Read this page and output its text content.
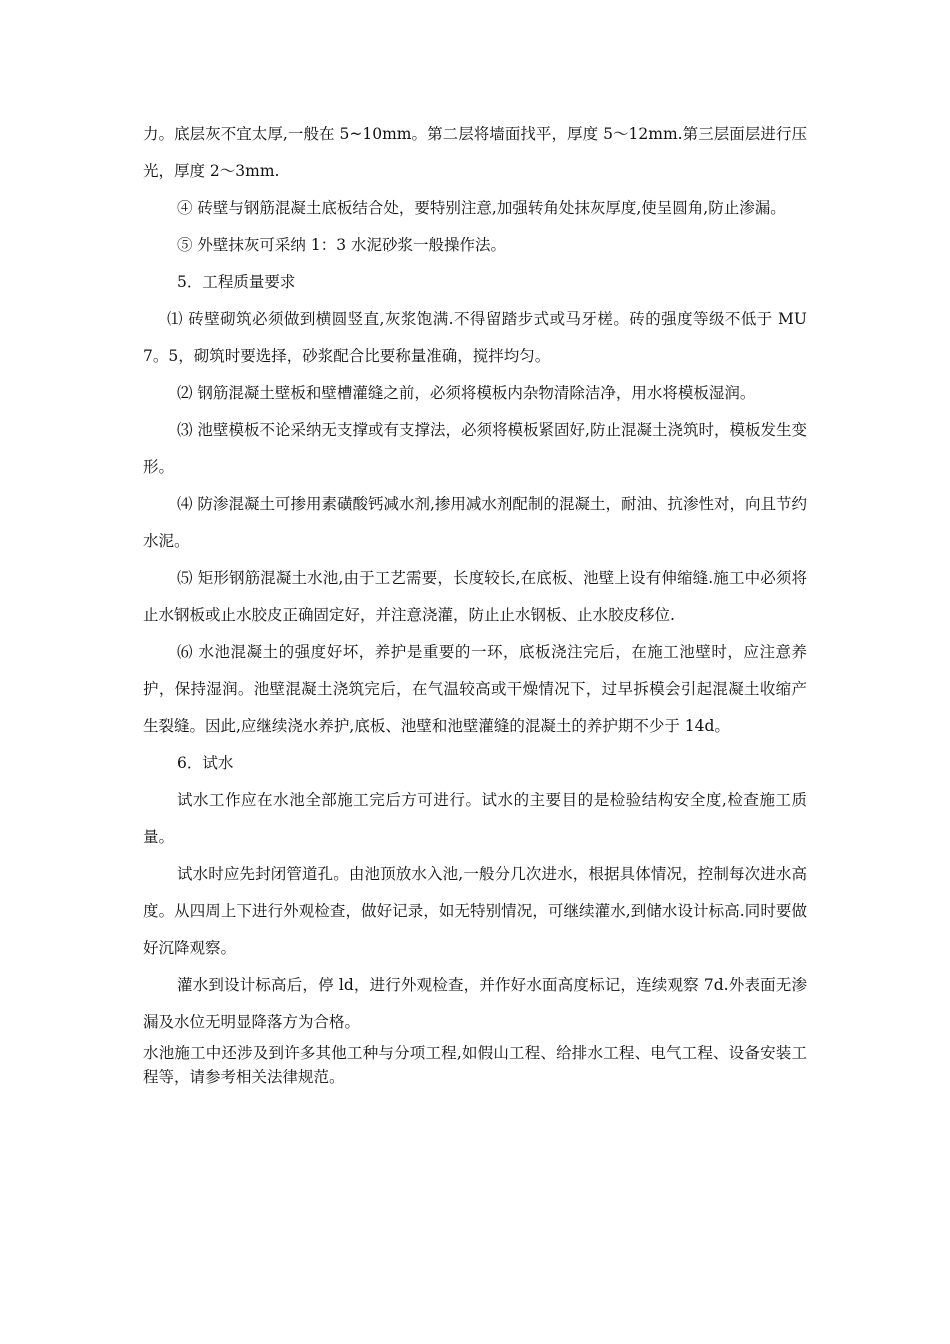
力。底层灰不宜太厚,一般在 5~10mm。第二层将墙面找平，厚度 5～12mm.第三层面层进行压光，厚度 2～3mm.

④ 砖壁与钢筋混凝土底板结合处，要特别注意,加强转角处抹灰厚度,使呈圆角,防止渗漏。

⑤ 外壁抹灰可采纳 1：3 水泥砂浆一般操作法。

5．工程质量要求

⑴ 砖壁砌筑必须做到横圆竖直,灰浆饱满.不得留踏步式或马牙槎。砖的强度等级不低于 MU7。5，砌筑时要选择，砂浆配合比要称量准确，搅拌均匀。

⑵ 钢筋混凝土壁板和壁槽灌缝之前，必须将模板内杂物清除洁净，用水将模板湿润。

⑶ 池壁模板不论采纳无支撑或有支撑法，必须将模板紧固好,防止混凝土浇筑时，模板发生变形。

⑷ 防渗混凝土可掺用素磺酸钙减水剂,掺用减水剂配制的混凝土，耐油、抗渗性对，向且节约水泥。

⑸ 矩形钢筋混凝土水池,由于工艺需要，长度较长,在底板、池壁上设有伸缩缝.施工中必须将止水钢板或止水胶皮正确固定好，并注意浇灌，防止止水钢板、止水胶皮移位.

⑹ 水池混凝土的强度好坏，养护是重要的一环，底板浇注完后，在施工池壁时，应注意养护，保持湿润。池壁混凝土浇筑完后，在气温较高或干燥情况下，过早拆模会引起混凝土收缩产生裂缝。因此,应继续浇水养护,底板、池壁和池壁灌缝的混凝土的养护期不少于 14d。

6．试水

试水工作应在水池全部施工完后方可进行。试水的主要目的是检验结构安全度,检查施工质量。

试水时应先封闭管道孔。由池顶放水入池,一般分几次进水，根据具体情况，控制每次进水高度。从四周上下进行外观检查，做好记录，如无特别情况，可继续灌水,到储水设计标高.同时要做好沉降观察。

灌水到设计标高后，停 ld，进行外观检查，并作好水面高度标记，连续观察 7d.外表面无渗漏及水位无明显降落方为合格。

水池施工中还涉及到许多其他工种与分项工程,如假山工程、给排水工程、电气工程、设备安装工程等，请参考相关法律规范。
